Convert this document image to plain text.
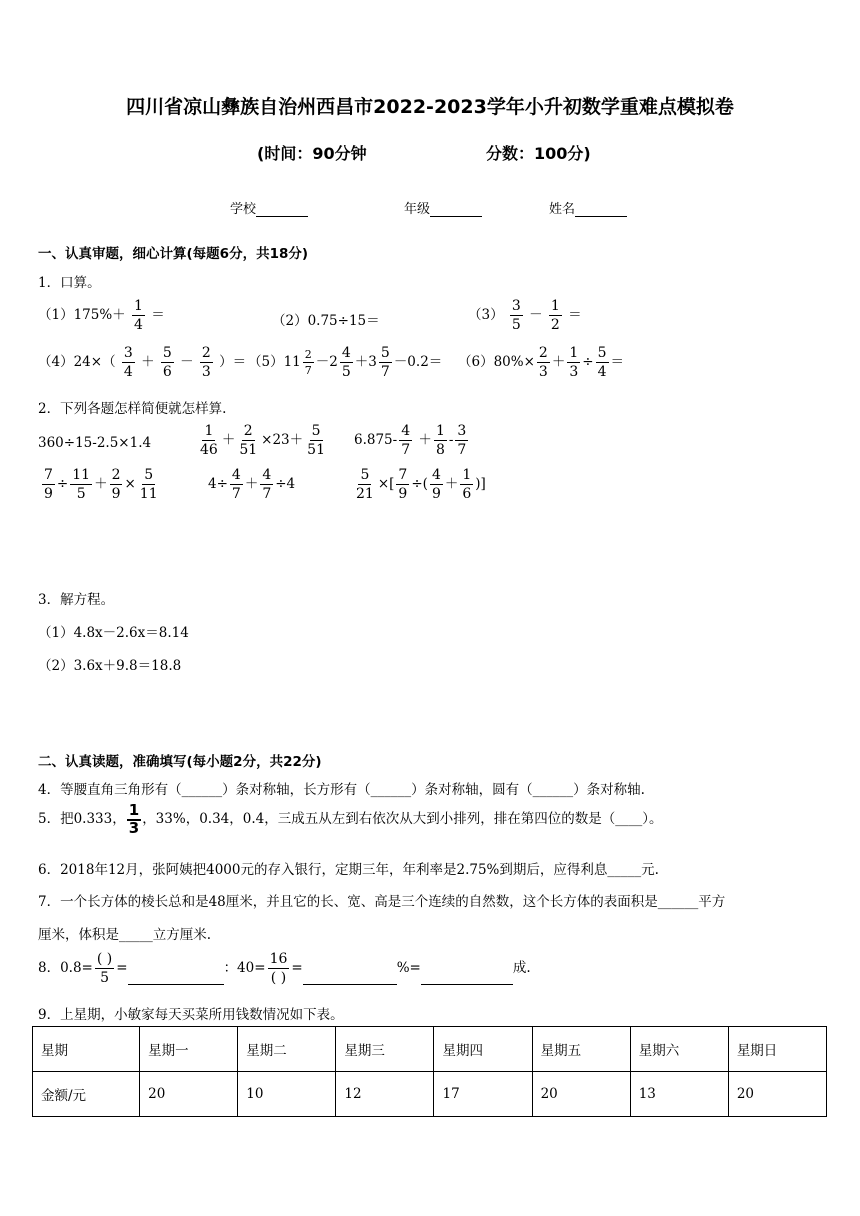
四川省凉山彝族自治州西昌市2022-2023学年小升初数学重难点模拟卷
(时间：90分钟	分数：100分)
学校	年级	姓名
一、认真审题，细心计算(每题6分，共18分)
1．口算。
$(1)175\%+ \frac{1}{4}$ ＝	（2）0.75÷15＝	$(3) \frac{3}{5} - \frac{1}{2}$ ＝
$(4)24\times( \frac{3}{4} + \frac{5}{6} - \frac{2}{3}$ ）＝ $(5)11 \frac{2}{7} -2 \frac{4}{5} +3 \frac{5}{7} -0.2= (6)80\%\times \frac{2}{3} + \frac{1}{3} \div \frac{5}{4}$ ＝
2．下列各题怎样简便就怎样算.
360÷15-2.5×1.4	$\frac{1}{46} + \frac{2}{51} \times 23+ \frac{5}{51} 6.875- \frac{4}{7} + \frac{1}{8} - \frac{3}{7}$
$\frac{7}{9} \div \frac{11}{5} + \frac{2}{9} \times \frac{5}{11}$	$4\div \frac{4}{7} + \frac{4}{7} \div 4$	$\frac{5}{21}$ ×[ $\frac{7}{9}$ ÷( $\frac{4}{9} + \frac{1}{6}$ )]
3．解方程。
（1）4.8x－2.6x＝8.14
（2）3.6x＋9.8＝18.8
二、认真读题，准确填写(每小题2分，共22分)
4．等腰直角三角形有（______）条对称轴，长方形有（______）条对称轴，圆有（______）条对称轴.
5．把0.333， $\frac{1}{3}$ ，33%，0.34，0.4，三成五从左到右依次从大到小排列，排在第四位的数是（____）。
6．2018年12月，张阿姨把4000元的存入银行，定期三年，年利率是2.75%到期后，应得利息_____元.
7．一个长方体的棱长总和是48厘米，并且它的长、宽、高是三个连续的自然数，这个长方体的表面积是______平方
厘米，体积是_____立方厘米.
8．$0.8= \frac{( )}{5}$ =	：$40= \frac{16}{( )}$ =	%=	成.
9．上星期，小敏家每天买菜所用钱数情况如下表。
星期	星期一	星期二	星期三	星期四	星期五	星期六	星期日
金额/元	20	10	12	17	20	13	20
